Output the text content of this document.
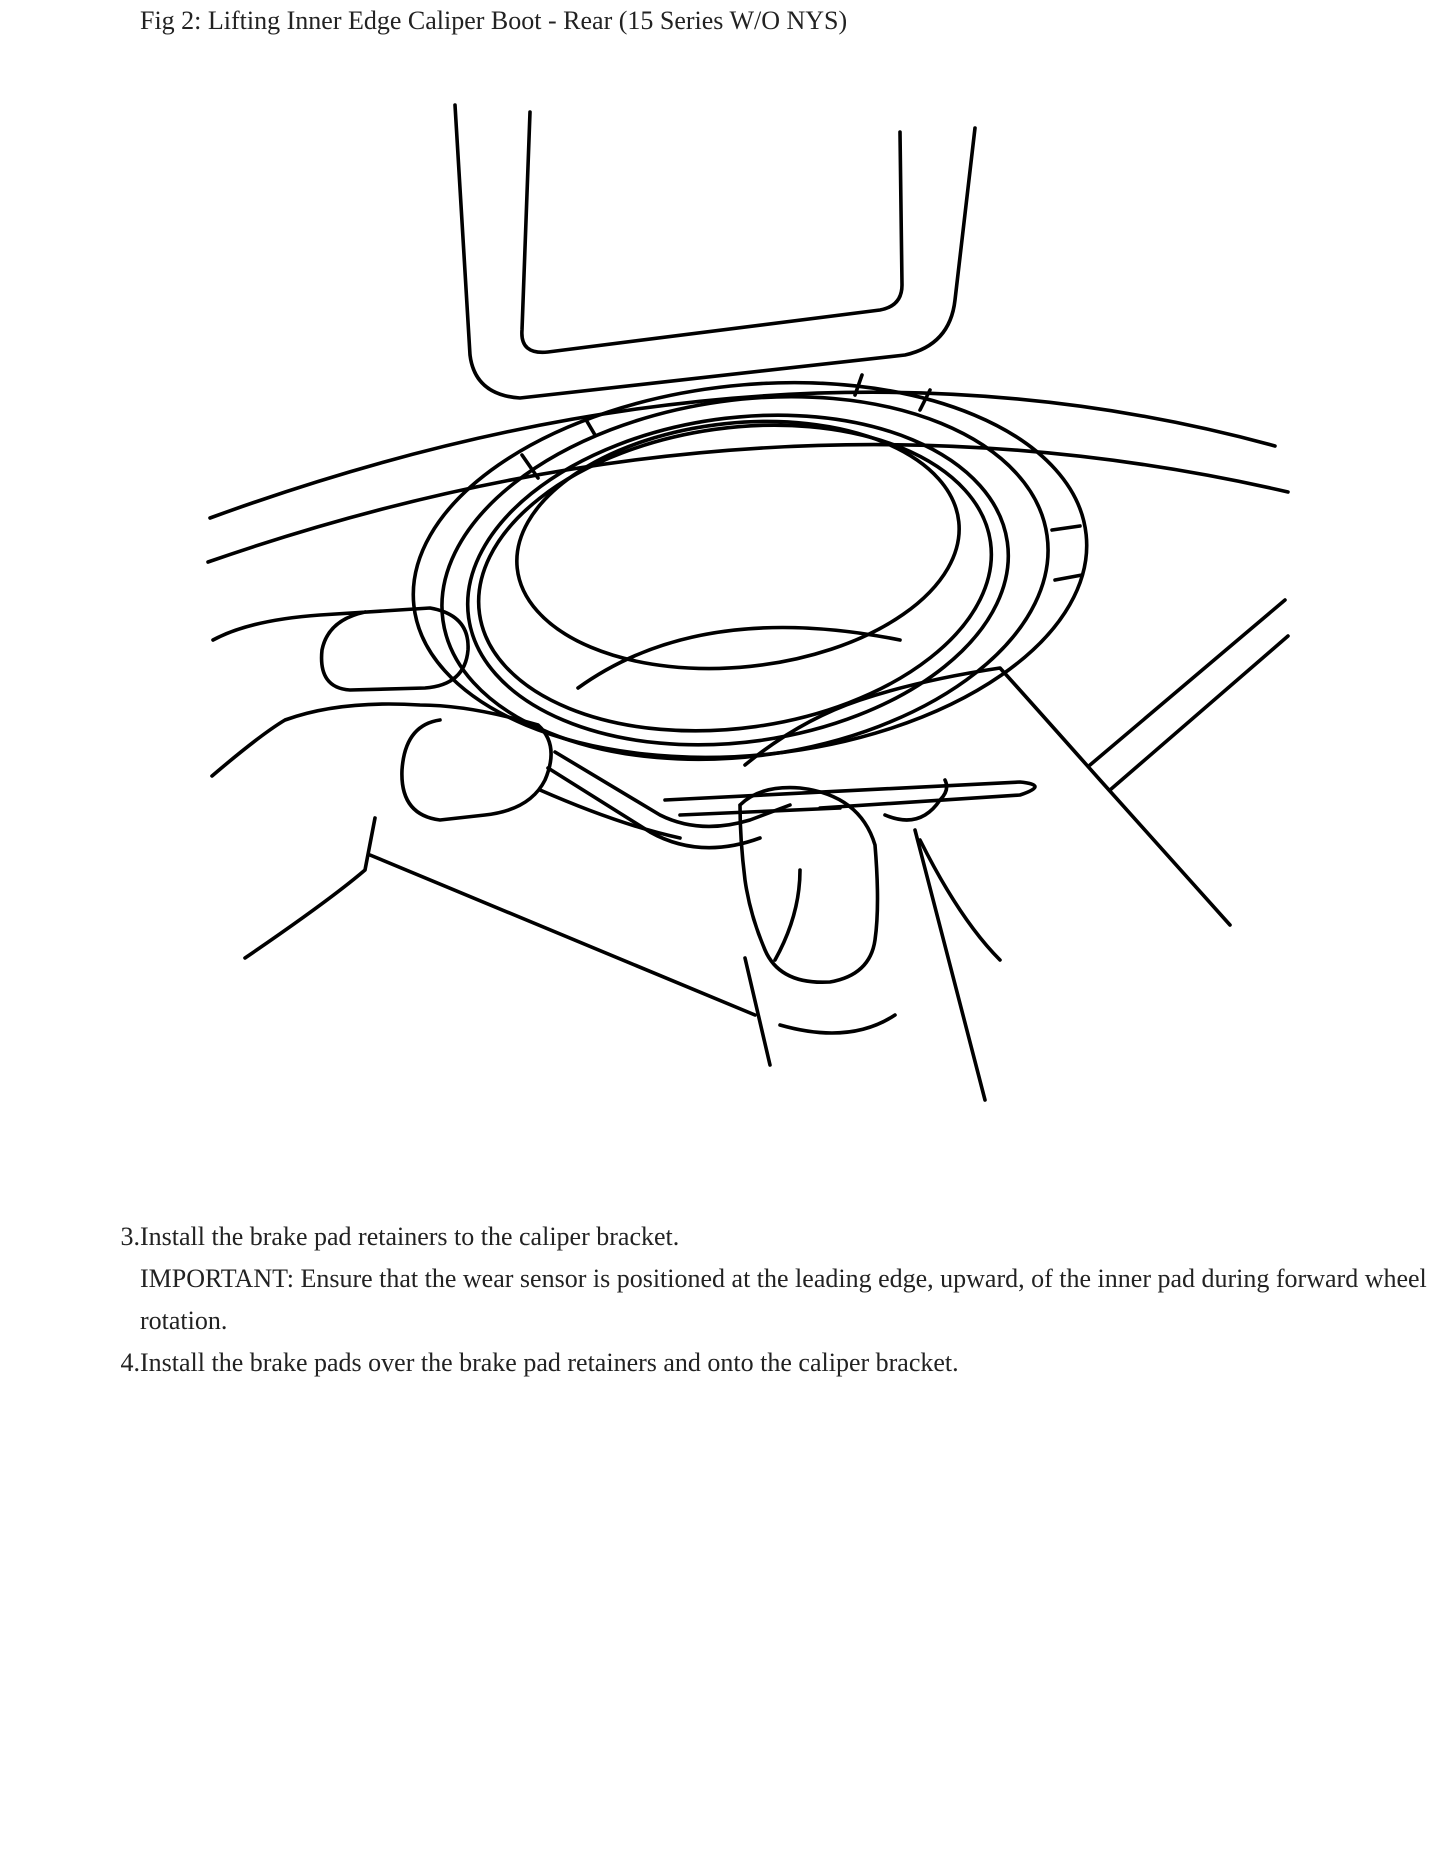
Fig 2: Lifting Inner Edge Caliper Boot - Rear (15 Series W/O NYS)
3. Install the brake pad retainers to the caliper bracket.
IMPORTANT: Ensure that the wear sensor is positioned at the leading edge, upward, of the inner pad during forward wheel rotation.
4. Install the brake pads over the brake pad retainers and onto the caliper bracket.
